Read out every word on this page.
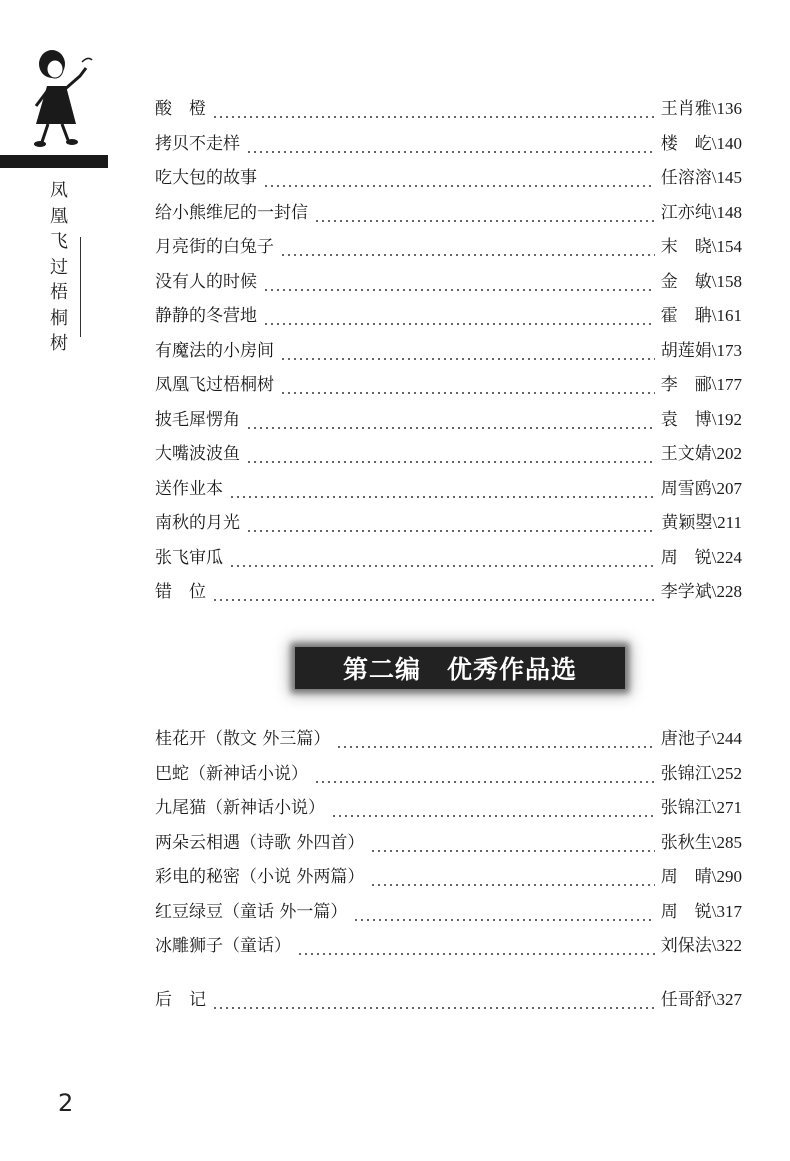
凤凰飞过梧桐树
酸　橙	王肖雅 \136
拷贝不走样	楼　屹 \140
吃大包的故事	任溶溶 \145
给小熊维尼的一封信	江亦纯 \148
月亮街的白兔子	末　晓 \154
没有人的时候	金　敏 \158
静静的冬营地	霍　聃 \161
有魔法的小房间	胡莲娟 \173
凤凰飞过梧桐树	李　郦 \177
披毛犀愣角	袁　博 \192
大嘴波波鱼	王文婧 \202
送作业本	周雪鸥 \207
南秋的月光	黄颖曌 \211
张飞审瓜	周　锐 \224
错　位	李学斌 \228
第二编　优秀作品选
桂花开（散文 外三篇）	唐池子 \244
巴蛇（新神话小说）	张锦江 \252
九尾猫（新神话小说）	张锦江 \271
两朵云相遇（诗歌 外四首）	张秋生 \285
彩电的秘密（小说 外两篇）	周　晴 \290
红豆绿豆（童话 外一篇）	周　锐 \317
冰雕狮子（童话）	刘保法 \322
后　记	任哥舒 \327
2
